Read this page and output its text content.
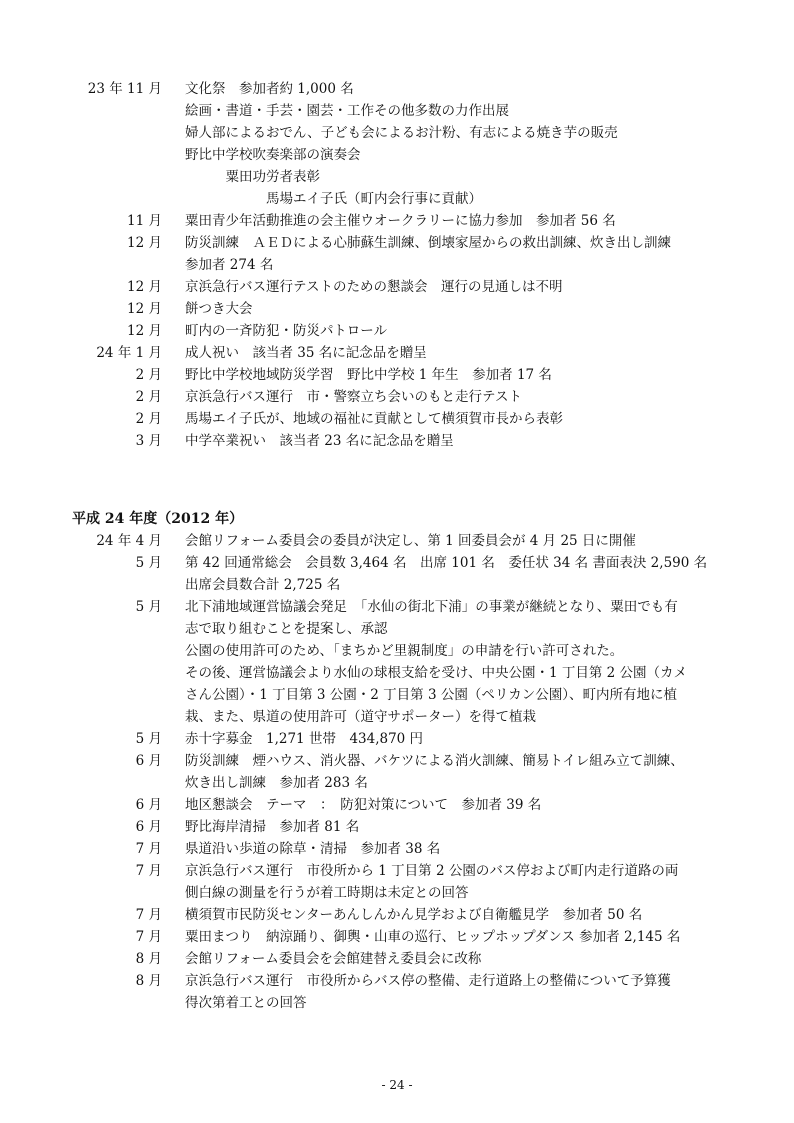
23 年 11 月 文化祭　参加者約 1,000 名
絵画・書道・手芸・園芸・工作その他多数の力作出展
婦人部によるおでん、子ども会によるお汁粉、有志による焼き芋の販売
野比中学校吹奏楽部の演奏会
　　　粟田功労者表彰
　　　　　　馬場エイ子氏（町内会行事に貢献）
11 月 粟田青少年活動推進の会主催ウオークラリーに協力参加　参加者 56 名
12 月 防災訓練　ＡＥＤによる心肺蘇生訓練、倒壊家屋からの救出訓練、炊き出し訓練
参加者 274 名
12 月 京浜急行バス運行テストのための懇談会　運行の見通しは不明
12 月 餅つき大会
12 月 町内の一斉防犯・防災パトロール
24 年 1 月 成人祝い　該当者 35 名に記念品を贈呈
2 月 野比中学校地域防災学習　野比中学校 1 年生　参加者 17 名
2 月 京浜急行バス運行　市・警察立ち会いのもと走行テスト
2 月 馬場エイ子氏が、地域の福祉に貢献として横須賀市長から表彰
3 月 中学卒業祝い　該当者 23 名に記念品を贈呈
平成 24 年度（2012 年）
24 年 4 月 会館リフォーム委員会の委員が決定し、第 1 回委員会が 4 月 25 日に開催
5 月 第 42 回通常総会　会員数 3,464 名　出席 101 名　委任状 34 名 書面表決 2,590 名
出席会員数合計 2,725 名
5 月 北下浦地域運営協議会発足　「水仙の街北下浦」の事業が継続となり、粟田でも有
志で取り組むことを提案し、承認
公園の使用許可のため、「まちかど里親制度」の申請を行い許可された。
その後、運営協議会より水仙の球根支給を受け、中央公園・1 丁目第 2 公園（カメ
さん公園）・1 丁目第 3 公園・2 丁目第 3 公園（ペリカン公園）、町内所有地に植
栽、また、県道の使用許可（道守サポーター）を得て植栽
5 月 赤十字募金　1,271 世帯　434,870 円
6 月 防災訓練　煙ハウス、消火器、バケツによる消火訓練、簡易トイレ組み立て訓練、
炊き出し訓練　参加者 283 名
6 月 地区懇談会　テーマ　：　防犯対策について　参加者 39 名
6 月 野比海岸清掃　参加者 81 名
7 月 県道沿い歩道の除草・清掃　参加者 38 名
7 月 京浜急行バス運行　市役所から 1 丁目第 2 公園のバス停および町内走行道路の両
側白線の測量を行うが着工時期は未定との回答
7 月 横須賀市民防災センターあんしんかん見学および自衛艦見学　参加者 50 名
7 月 粟田まつり　納涼踊り、御輿・山車の巡行、ヒップホップダンス 参加者 2,145 名
8 月 会館リフォーム委員会を会館建替え委員会に改称
8 月 京浜急行バス運行　市役所からバス停の整備、走行道路上の整備について予算獲
得次第着工との回答
- 24 -
